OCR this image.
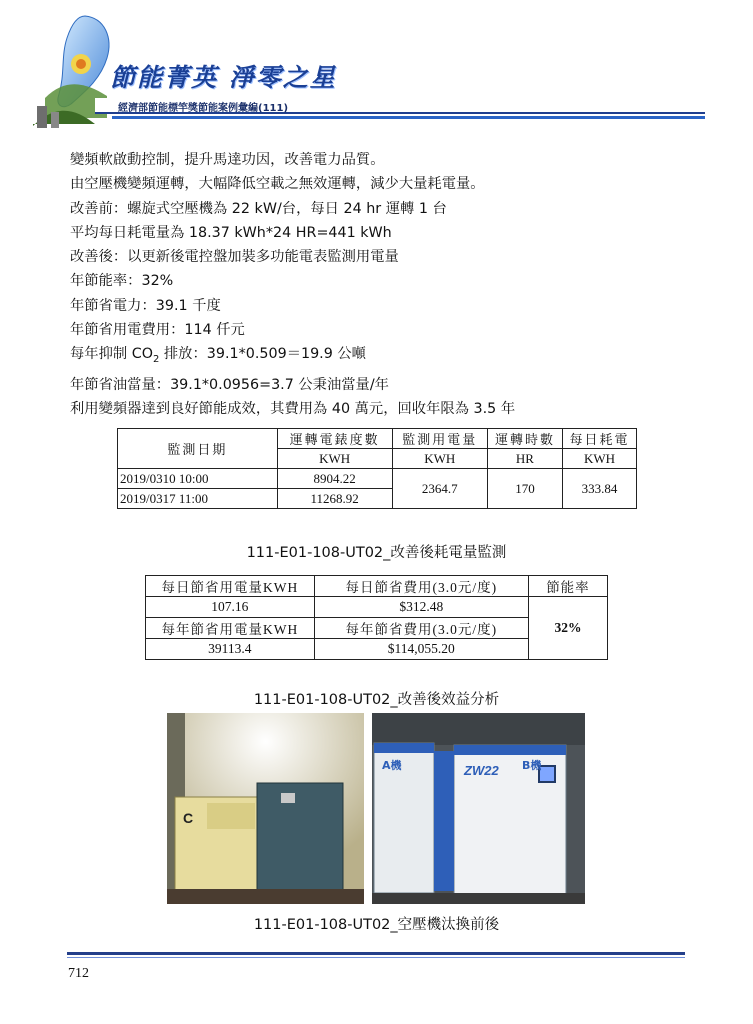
節能菁英 淨零之星
經濟部節能標竿獎節能案例彙編(111)

變頻軟啟動控制，提升馬達功因，改善電力品質。

由空壓機變頻運轉，大幅降低空載之無效運轉，減少大量耗電量。

改善前：螺旋式空壓機為 22 kW/台，每日 24 hr 運轉 1 台

平均每日耗電量為 18.37 kWh*24 HR=441 kWh

改善後：以更新後電控盤加裝多功能電表監測用電量

年節能率：32%

年節省電力：39.1 千度

年節省用電費用：114 仟元

每年抑制 $CO_2$ 排放：39.1*0.509＝19.9 公噸

年節省油當量：39.1*0.0956=3.7 公秉油當量/年

利用變頻器達到良好節能成效，其費用為 40 萬元，回收年限為 3.5 年

監測日期	運轉電錶度數	監測用電量	運轉時數	每日耗電
	KWH	KWH	HR	KWH
2019/0310 10:00	8904.22	2364.7	170	333.84
2019/0317 11:00	11268.92			
111-E01-108-UT02_改善後耗電量監測
每日節省用電量KWH	每日節省費用(3.0元/度)	節能率
107.16	$312.48	32%
每年節省用電量KWH	每年節省費用(3.0元/度)	
39113.4	$114,055.20	
111-E01-108-UT02_改善後效益分析
C
A機	ZW22 B機
111-E01-108-UT02_空壓機汰換前後
712
